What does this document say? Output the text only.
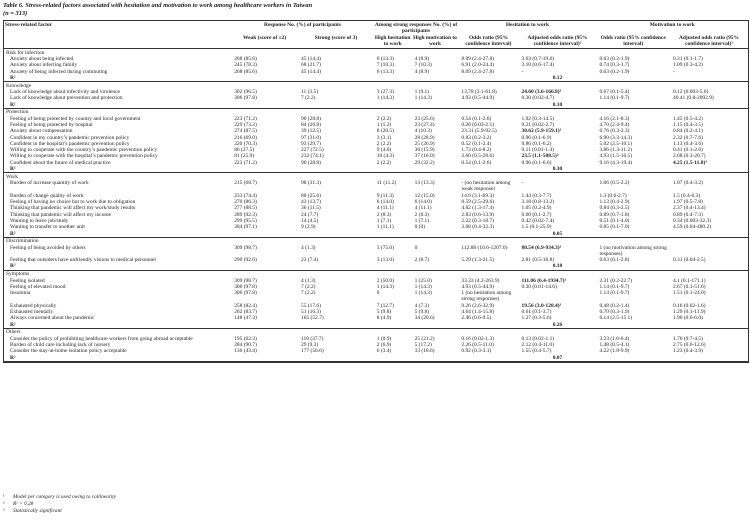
Table 6. Stress-related factors associated with hesitation and motivation to work among healthcare workers in Taiwan
(n = 313)
Stress-related factor	Response No. (%) of participants		Among strong responses No. (%) of participants		Hesitation to work		Motivation to work	
	Weak (score of ≤2)	Strong (score of 3)	High hesitation to work	High motivation to work	Odds ratio (95% confidence interval)	Adjusted odds ratio (95% confidence interval)¹	Odds ratio (95% confidence interval)	Adjusted odds ratio (95% confidence interval)²
Risk for infection								
Anxiety about being infected	268 (85.6)	45 (14.4)	6 (13.3)	4 (8.9)	8.09 (2.4-27.8)	3.63 (0.7-19.6)	0.63 (0.2-1.9)	0.31 (0.1-1.7)
Anxiety about infecting family	245 (78.3)	68 (21.7)	7 (10.3)	7 (10.3)	6.91 (2.0-24.4)	3.10 (0.6-17.4)	0.74 (0.3-1.7)	1.09 (0.3-4.2)
Anxiety of being infected during commuting	268 (85.6)	45 (14.4)	6 (13.3)	4 (8.9)	8.09 (2.4-27.8)	-	0.63 (0.2-1.9)	-
R²						0.12		
Knowledge								
Lack of knowledge about infectivity and virulence	302 (96.5)	11 (3.5)	3 (27.3)	1 (9.1)	13.78 (3.1-61.8)	24.60 (3.6-166.8)³	0.67 (0.1-5.4)	0.12 (0.003-5.0)
Lack of knowledge about prevention and protection	306 (97.8)	7 (2.2)	1 (14.3)	1 (14.3)	4.93 (0.5-44.9)	0.30 (0.02-4.7)	1.14 (0.1-9.7)	40.41 (0.8-2092.9)
R²						0.10		
Protection								
Feeling of being protected by country and local government	223 (71.2)	90 (28.8)	2 (2.2)	23 (25.6)	0.54 (0.1-2.6)	1.92 (0.3-14.5)	4.16 (2.1-8.3)	1.45 (0.5-4.2)
Feeling of being protected by hospital	229 (73.2)	84 (26.8)	1 (1.2)	23 (27.4)	0.26 (0.03-2.1)	0.21 (0.02-2.7)	4.70 (2.4-9.4)	1.15 (0.4-3.5)
Anxiety about compensation	274 (87.5)	39 (12.5)	8 (20.5)	4 (10.3)	23.31 (5.9-92.5)	30.62 (5.9-159.1)³	0.76 (0.3-2.3)	0.84 (0.2-4.1)
Confident in my country’s pandemic prevention policy	216 (69.0)	97 (31.0)	3 (3.1)	28 (28.9)	0.83 (0.2-3.2)	0.96 (0.1-6.9)	6.90 (3.3-14.3)	2.32 (0.7-7.6)
Confident in the hospital’s pandemic prevention policy	220 (70.3)	93 (29.7)	2 (2.2)	25 (26.9)	0.52 (0.1-2.4)	0.86 (0.1-6.2)	5.02 (2.5-10.1)	1.13 (0.4-3.6)
Willing to cooperate with the country’s pandemic prevention policy	86 (27.5)	227 (72.5)	9 (4.0)	36 (15.9)	1.73 (0.4-8.2)	0.11 (0.01-1.4)	3.86 (1.3-11.2)	0.41 (0.1-2.6)
Willing to cooperate with the hospital’s pandemic prevention policy	81 (25.9)	232 (74.1)	10 (4.3)	37 (16.0)	3.60 (0.5-28.6)	23.5 (1.1-508.5)³	4.93 (1.5-16.5)	2.68 (0.3-20.7)
Confident about the future of medical practice	223 (71.2)	90 (28.8)	2 (2.2)	29 (32.2)	0.54 (0.1-2.6)	0.96 (0.1-6.6)	9.16 (4.3-19.4)	4.25 (1.5-11.8)³
R²						0.30		
Work								
Burden of increase quantity of work	215 (68.7)	98 (31.3)	11 (11.2)	13 (13.3)	- (no hesitation among weak response)	-	1.06 (0.5-2.2)	1.07 (0.4-3.2)
Burden of change quality of work	233 (74.4)	80 (25.6)	9 (11.3)	12 (15.0)	14.6 (3.1-69.3)	1.44 (0.3-7.7)	1.3 (0.6-2.7)	1.5 (0.4-6.3)
Feeling of having no choice but to work due to obligation	270 (86.3)	43 (13.7)	6 (14.0)	6 (14.0)	8.59 (2.5-29.6)	3.18 (0.8-13.2)	1.13 (0.4-2.9)	1.97 (0.5-7.8)
Thinking that pandemic will affect my work/study results	277 (88.5)	36 (11.5)	4 (11.1)	4 (11.1)	4.82 (1.3-17.4)	1.05 (0.2-4.9)	0.84 (0.3-2.5)	2.37 (0.4-13.4)
Thinking that pandemic will affect my income	289 (92.3)	24 (7.7)	2 (8.3)	2 (8.3)	2.83 (0.6-13.9)	0.60 (0.1-2.7)	0.89 (0.7-1.8)	0.89 (0.4-7.3)
Wanting to leave job/study	299 (95.5)	14 (4.5)	1 (7.1)	1 (7.1)	2.22 (0.3-18.7)	0.42 (0.02-7.4)	0.51 (0.1-4.0)	0.34 (0.003-32.3)
Wanting to transfer to another unit	304 (97.1)	9 (2.9)	1 (11.1)	0 (0)	3.68 (0.4-32.3)	1.5 (0.1-25.9)	0.85 (0.1-7.0)	4.59 (0.04-480.2)
R²						0.05		
Discrimination								
Feeling of being avoided by others	309 (98.7)	4 (1.3)	3 (75.0)	0	112.88 (10.6-1207.0)	80.54 (6.9-934.3)³	1 (no motivation among strong responses)	
Feeling that outsiders have unfriendly visions to medical personnel	290 (92.6)	23 (7.4)	3 (13.0)	2 (8.7)	5.29 (1.3-21.5)	2.81 (0.5-16.8)	0.63 (0.1-2.8)	0.31 (0.04-2.5)
R²						0.18		
Symptoms								
Feeling isolated	309 (98.7)	4 (1.3)	2 (50.0)	1 (25.0)	33.33 (4.2-263.9)	111.06 (6.4-1934.7)³	2.31 (0.2-22.7)	4.1 (0.1-171.1)
Feeling of elevated mood	306 (97.8)	7 (2.2)	1 (14.3)	1 (14.3)	4.93 (0.5-44.9)	0.30 (0.01-14.6)	1.14 (0.1-9.7)	2.67 (0.1-51.6)
Insomnia	306 (97.8)	7 (2.2)	0	1 (14.3)	1 (no hesitation among strong responses)		1.14 (0.1-9.7)	1.51 (0.1-24.0)
Exhausted physically	258 (82.4)	55 (17.6)	7 (12.7)	4 (7.3)	9.26 (2.6-32.9)	19.56 (3.0-128.4)³	0.48 (0.2-1.4)	0.16 (0.02-1.6)
Exhausted mentally	262 (83.7)	51 (16.3)	5 (9.8)	5 (9.8)	4.64 (1.4-15.8)	0.61 (0.1-3.7)	0.70 (0.3-1.9)	1.29 (0.1-11.9)
Always concerned about the pandemic	148 (47.3)	165 (52.7)	8 (4.9)	34 (20.6)	2.46 (0.6-9.5)	1.27 (0.3-5.6)	6.14 (2.5-15.1)	1.90 (0.6-6.0)
R²						0.26		
Others								
Consider the policy of prohibiting healthcare workers from going abroad acceptable	195 (62.3)	118 (37.7)	1 (0.9)	25 (21.2)	0.16 (0.02-1.3)	0.13 (0.02-1.1)	3.23 (1.6-6.4)	1.76 (0.7-4.5)
Burden of child care including lack of nursery	284 (90.7)	29 (9.3)	2 (6.9)	5 (17.2)	2.26 (0.5-11.0)	2.12 (0.4-11.0)	1.48 (0.5-4.1)	2.75 (0.6-12.6)
Consider the stay-at-home isolation policy acceptable	136 (43.4)	177 (56.6)	6 (3.4)	33 (18.6)	0.92 (0.3-3.1)	1.55 (0.4-5.7)	4.22 (1.8-9.9)	1.23 (0.4-3.9)
R²						0.07		
¹ Model per category is used owing to collinearity
² R² = 0.28
³ Statistically significant
